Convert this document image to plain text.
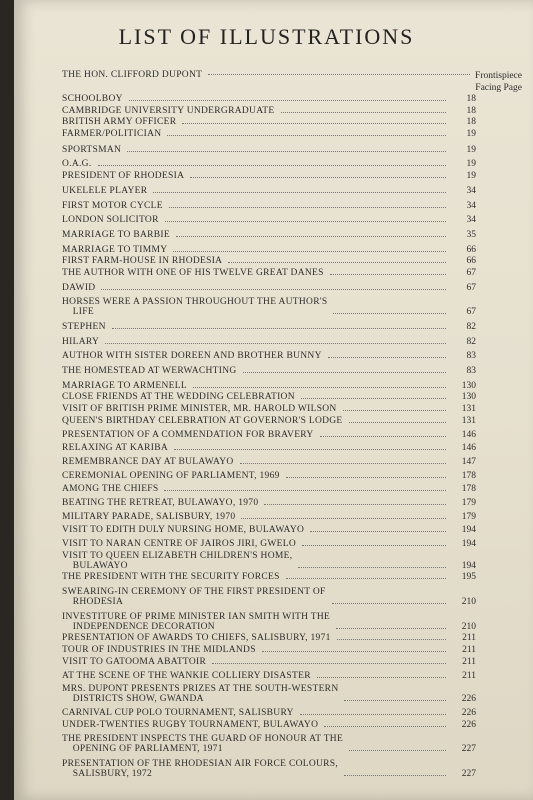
LIST OF ILLUSTRATIONS
THE HON. CLIFFORD DUPONT	Frontispiece
Facing Page
SCHOOLBOY	18
CAMBRIDGE UNIVERSITY UNDERGRADUATE	18
BRITISH ARMY OFFICER	18
FARMER/POLITICIAN	19
SPORTSMAN	19
O.A.G.	19
PRESIDENT OF RHODESIA	19
UKELELE PLAYER	34
FIRST MOTOR CYCLE	34
LONDON SOLICITOR	34
MARRIAGE TO BARBIE	35
MARRIAGE TO TIMMY	66
FIRST FARM-HOUSE IN RHODESIA	66
THE AUTHOR WITH ONE OF HIS TWELVE GREAT DANES	67
DAWID	67
HORSES WERE A PASSION THROUGHOUT THE AUTHOR'S
LIFE	67
STEPHEN	82
HILARY	82
AUTHOR WITH SISTER DOREEN AND BROTHER BUNNY	83
THE HOMESTEAD AT WERWACHTING	83
MARRIAGE TO ARMENELL	130
CLOSE FRIENDS AT THE WEDDING CELEBRATION	130
VISIT OF BRITISH PRIME MINISTER, MR. HAROLD WILSON	131
QUEEN'S BIRTHDAY CELEBRATION AT GOVERNOR'S LODGE	131
PRESENTATION OF A COMMENDATION FOR BRAVERY	146
RELAXING AT KARIBA	146
REMEMBRANCE DAY AT BULAWAYO	147
CEREMONIAL OPENING OF PARLIAMENT, 1969	178
AMONG THE CHIEFS	178
BEATING THE RETREAT, BULAWAYO, 1970	179
MILITARY PARADE, SALISBURY, 1970	179
VISIT TO EDITH DULY NURSING HOME, BULAWAYO	194
VISIT TO NARAN CENTRE OF JAIROS JIRI, GWELO	194
VISIT TO QUEEN ELIZABETH CHILDREN'S HOME,
BULAWAYO	194
THE PRESIDENT WITH THE SECURITY FORCES	195
SWEARING-IN CEREMONY OF THE FIRST PRESIDENT OF
RHODESIA	210
INVESTITURE OF PRIME MINISTER IAN SMITH WITH THE
INDEPENDENCE DECORATION	210
PRESENTATION OF AWARDS TO CHIEFS, SALISBURY, 1971	211
TOUR OF INDUSTRIES IN THE MIDLANDS	211
VISIT TO GATOOMA ABATTOIR	211
AT THE SCENE OF THE WANKIE COLLIERY DISASTER	211
MRS. DUPONT PRESENTS PRIZES AT THE SOUTH-WESTERN
DISTRICTS SHOW, GWANDA	226
CARNIVAL CUP POLO TOURNAMENT, SALISBURY	226
UNDER-TWENTIES RUGBY TOURNAMENT, BULAWAYO	226
THE PRESIDENT INSPECTS THE GUARD OF HONOUR AT THE
OPENING OF PARLIAMENT, 1971	227
PRESENTATION OF THE RHODESIAN AIR FORCE COLOURS,
SALISBURY, 1972	227
